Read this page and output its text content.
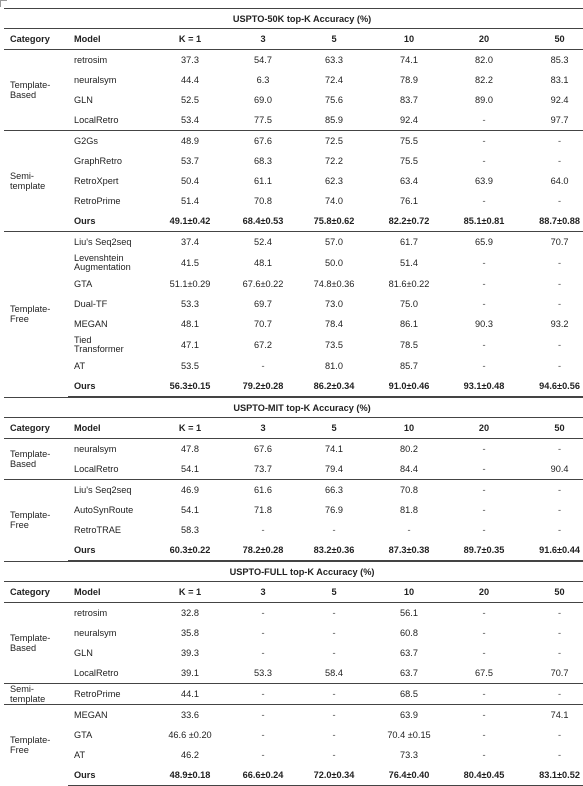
USPTO-50K top-K Accuracy (%)							
Category	Model	K = 1	3	5	10	20	50
Template-
Based	retrosim	37.3	54.7	63.3	74.1	82.0	85.3
	neuralsym	44.4	6.3	72.4	78.9	82.2	83.1
	GLN	52.5	69.0	75.6	83.7	89.0	92.4
	LocalRetro	53.4	77.5	85.9	92.4	-	97.7
Semi-
template	G2Gs	48.9	67.6	72.5	75.5	-	-
	GraphRetro	53.7	68.3	72.2	75.5	-	-
	RetroXpert	50.4	61.1	62.3	63.4	63.9	64.0
	RetroPrime	51.4	70.8	74.0	76.1	-	-
	Ours	49.1±0.42	68.4±0.53	75.8±0.62	82.2±0.72	85.1±0.81	88.7±0.88
Template-
Free	Liu's Seq2seq	37.4	52.4	57.0	61.7	65.9	70.7
	Levenshtein
Augmentation	41.5	48.1	50.0	51.4	-	-
	GTA	51.1±0.29	67.6±0.22	74.8±0.36	81.6±0.22	-	-
	Dual-TF	53.3	69.7	73.0	75.0	-	-
	MEGAN	48.1	70.7	78.4	86.1	90.3	93.2
	Tied
Transformer	47.1	67.2	73.5	78.5	-	-
	AT	53.5	-	81.0	85.7	-	-
	Ours	56.3±0.15	79.2±0.28	86.2±0.34	91.0±0.46	93.1±0.48	94.6±0.56
USPTO-MIT top-K Accuracy (%)							
Category	Model	K = 1	3	5	10	20	50
Template-
Based	neuralsym	47.8	67.6	74.1	80.2	-	-
	LocalRetro	54.1	73.7	79.4	84.4	-	90.4
Template-
Free	Liu's Seq2seq	46.9	61.6	66.3	70.8	-	-
	AutoSynRoute	54.1	71.8	76.9	81.8	-	-
	RetroTRAE	58.3	-	-	-	-	-
	Ours	60.3±0.22	78.2±0.28	83.2±0.36	87.3±0.38	89.7±0.35	91.6±0.44
USPTO-FULL top-K Accuracy (%)							
Category	Model	K = 1	3	5	10	20	50
Template-
Based	retrosim	32.8	-	-	56.1	-	-
	neuralsym	35.8	-	-	60.8	-	-
	GLN	39.3	-	-	63.7	-	-
	LocalRetro	39.1	53.3	58.4	63.7	67.5	70.7
Semi-
template	RetroPrime	44.1	-	-	68.5	-	-
Template-
Free	MEGAN	33.6	-	-	63.9	-	74.1
	GTA	46.6 ±0.20	-	-	70.4 ±0.15	-	-
	AT	46.2	-	-	73.3	-	-
	Ours	48.9±0.18	66.6±0.24	72.0±0.34	76.4±0.40	80.4±0.45	83.1±0.52
